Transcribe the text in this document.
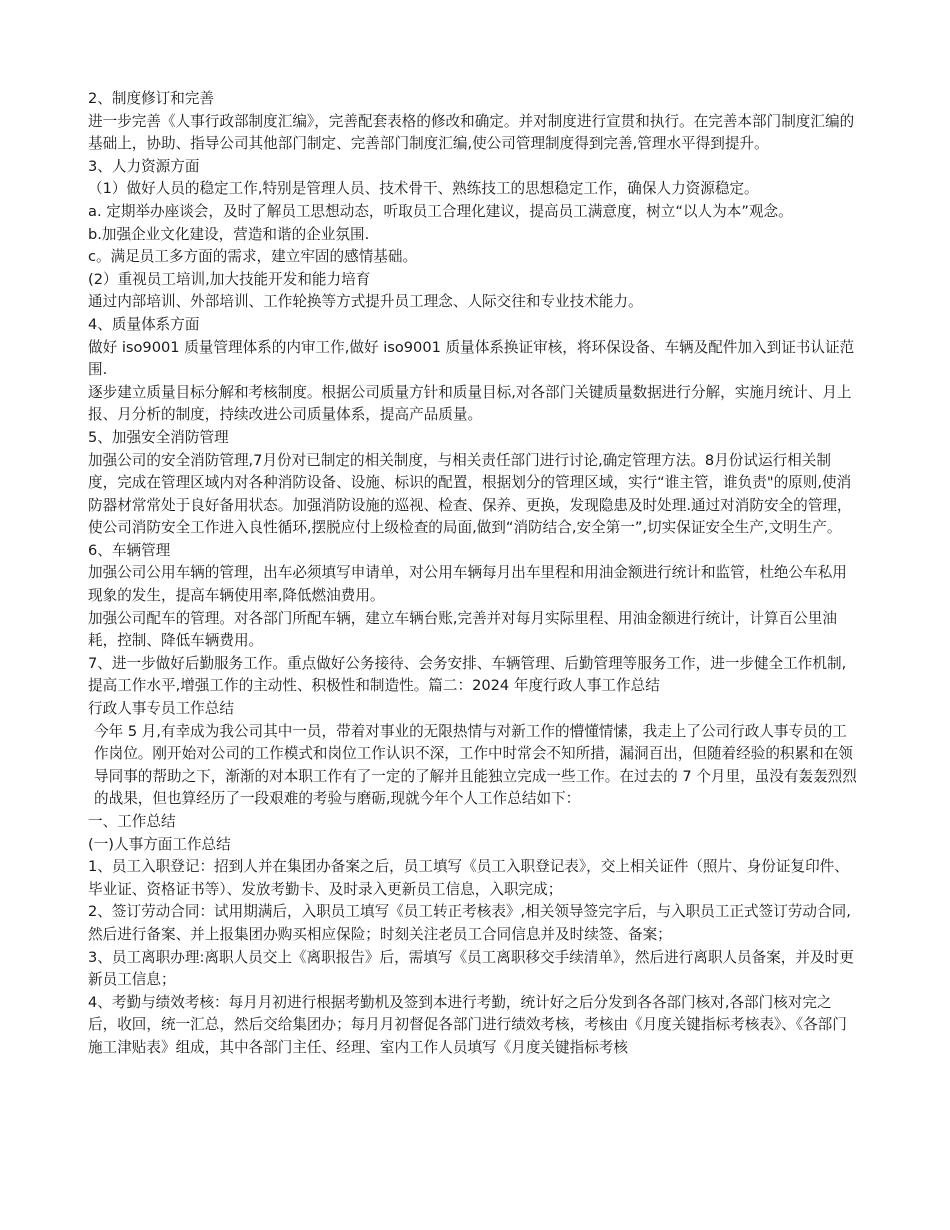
2、制度修订和完善

进一步完善《人事行政部制度汇编》，完善配套表格的修改和确定。并对制度进行宣贯和执行。在完善本部门制度汇编的基础上，协助、指导公司其他部门制定、完善部门制度汇编,使公司管理制度得到完善,管理水平得到提升。

3、人力资源方面

（1）做好人员的稳定工作,特别是管理人员、技术骨干、熟练技工的思想稳定工作，确保人力资源稳定。

a. 定期举办座谈会，及时了解员工思想动态，听取员工合理化建议，提高员工满意度，树立“以人为本”观念。

b.加强企业文化建设，营造和谐的企业氛围.

c。满足员工多方面的需求，建立牢固的感情基础。

(2）重视员工培训,加大技能开发和能力培育

通过内部培训、外部培训、工作轮换等方式提升员工理念、人际交往和专业技术能力。

4、质量体系方面

做好 iso9001 质量管理体系的内审工作,做好 iso9001 质量体系换证审核，将环保设备、车辆及配件加入到证书认证范围.

逐步建立质量目标分解和考核制度。根据公司质量方针和质量目标,对各部门关键质量数据进行分解，实施月统计、月上报、月分析的制度，持续改进公司质量体系，提高产品质量。

5、加强安全消防管理

加强公司的安全消防管理,7月份对已制定的相关制度，与相关责任部门进行讨论,确定管理方法。8月份试运行相关制度，完成在管理区域内对各种消防设备、设施、标识的配置，根据划分的管理区域，实行“谁主管，谁负责"的原则,使消防器材常常处于良好备用状态。加强消防设施的巡视、检查、保养、更换，发现隐患及时处理.通过对消防安全的管理，使公司消防安全工作进入良性循环,摆脱应付上级检查的局面,做到“消防结合,安全第一”,切实保证安全生产,文明生产。

6、车辆管理

加强公司公用车辆的管理，出车必须填写申请单，对公用车辆每月出车里程和用油金额进行统计和监管，杜绝公车私用现象的发生，提高车辆使用率,降低燃油费用。

加强公司配车的管理。对各部门所配车辆，建立车辆台账,完善并对每月实际里程、用油金额进行统计，计算百公里油耗，控制、降低车辆费用。

7、进一步做好后勤服务工作。重点做好公务接待、会务安排、车辆管理、后勤管理等服务工作，进一步健全工作机制,提高工作水平,增强工作的主动性、积极性和制造性。篇二：2024 年度行政人事工作总结

行政人事专员工作总结

今年 5 月,有幸成为我公司其中一员，带着对事业的无限热情与对新工作的懵懂情愫，我走上了公司行政人事专员的工作岗位。刚开始对公司的工作模式和岗位工作认识不深，工作中时常会不知所措，漏洞百出，但随着经验的积累和在领导同事的帮助之下，渐渐的对本职工作有了一定的了解并且能独立完成一些工作。在过去的 7 个月里，虽没有轰轰烈烈的战果，但也算经历了一段艰难的考验与磨砺,现就今年个人工作总结如下：

一、工作总结

(一)人事方面工作总结

1、员工入职登记：招到人并在集团办备案之后，员工填写《员工入职登记表》，交上相关证件（照片、身份证复印件、毕业证、资格证书等）、发放考勤卡、及时录入更新员工信息，入职完成；

2、签订劳动合同：试用期满后，入职员工填写《员工转正考核表》,相关领导签完字后，与入职员工正式签订劳动合同,然后进行备案、并上报集团办购买相应保险；时刻关注老员工合同信息并及时续签、备案；

3、员工离职办理:离职人员交上《离职报告》后，需填写《员工离职移交手续清单》，然后进行离职人员备案，并及时更新员工信息；

4、考勤与绩效考核：每月月初进行根据考勤机及签到本进行考勤，统计好之后分发到各各部门核对,各部门核对完之后，收回，统一汇总，然后交给集团办；每月月初督促各部门进行绩效考核，考核由《月度关键指标考核表》、《各部门施工津贴表》组成，其中各部门主任、经理、室内工作人员填写《月度关键指标考核
